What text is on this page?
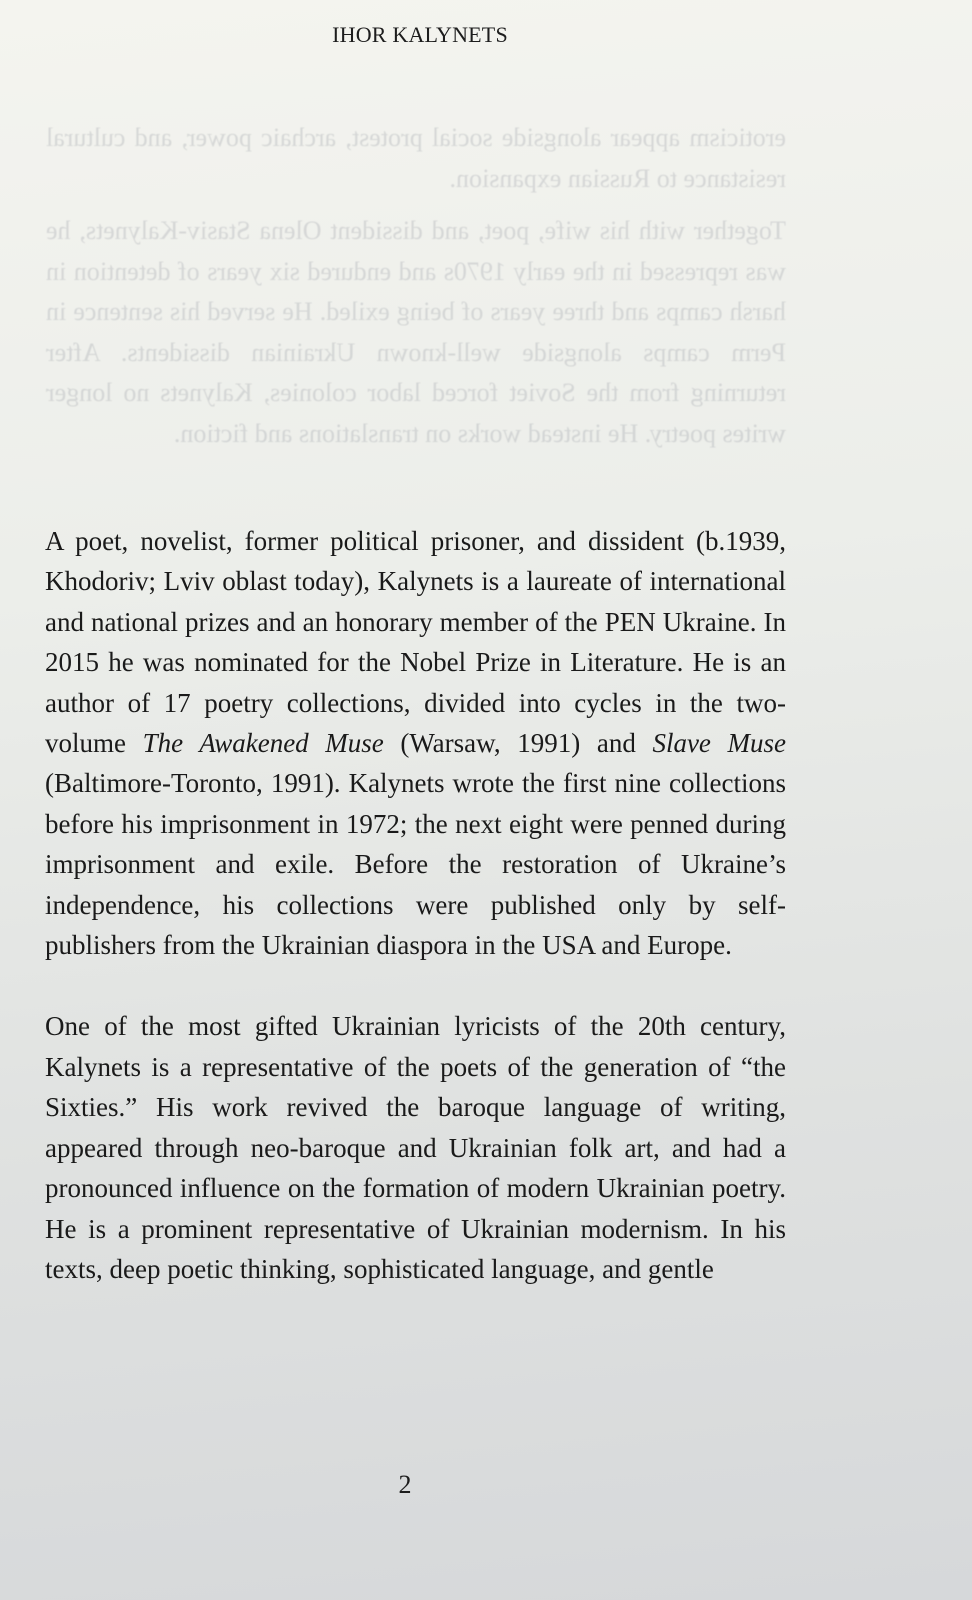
eroticism appear alongside social protest, archaic power, and cultural resistance to Russian expansion.

Together with his wife, poet, and dissident Olena Stasiv-Kalynets, he was repressed in the early 1970s and endured six years of detention in harsh camps and three years of being exiled. He served his sentence in Perm camps alongside well-known Ukrainian dissidents. After returning from the Soviet forced labor colonies, Kalynets no longer writes poetry. He instead works on translations and fiction.

IHOR KALYNETS

A poet, novelist, former political prisoner, and dissident (b.1939, Khodoriv; Lviv oblast today), Kalynets is a laureate of international and national prizes and an honorary member of the PEN Ukraine. In 2015 he was nominated for the Nobel Prize in Literature. He is an author of 17 poetry collections, divided into cycles in the two-volume The Awakened Muse (Warsaw, 1991) and Slave Muse (Baltimore-Toronto, 1991). Kalynets wrote the first nine collections before his imprisonment in 1972; the next eight were penned during imprisonment and exile. Before the restoration of Ukraine’s independence, his collections were published only by self-publishers from the Ukrainian diaspora in the USA and Europe.

One of the most gifted Ukrainian lyricists of the 20th century, Kalynets is a representative of the poets of the generation of “the Sixties.” His work revived the baroque language of writing, appeared through neo-baroque and Ukrainian folk art, and had a pronounced influence on the formation of modern Ukrainian poetry. He is a prominent representative of Ukrainian modernism. In his texts, deep poetic thinking, sophisticated language, and gentle

2
